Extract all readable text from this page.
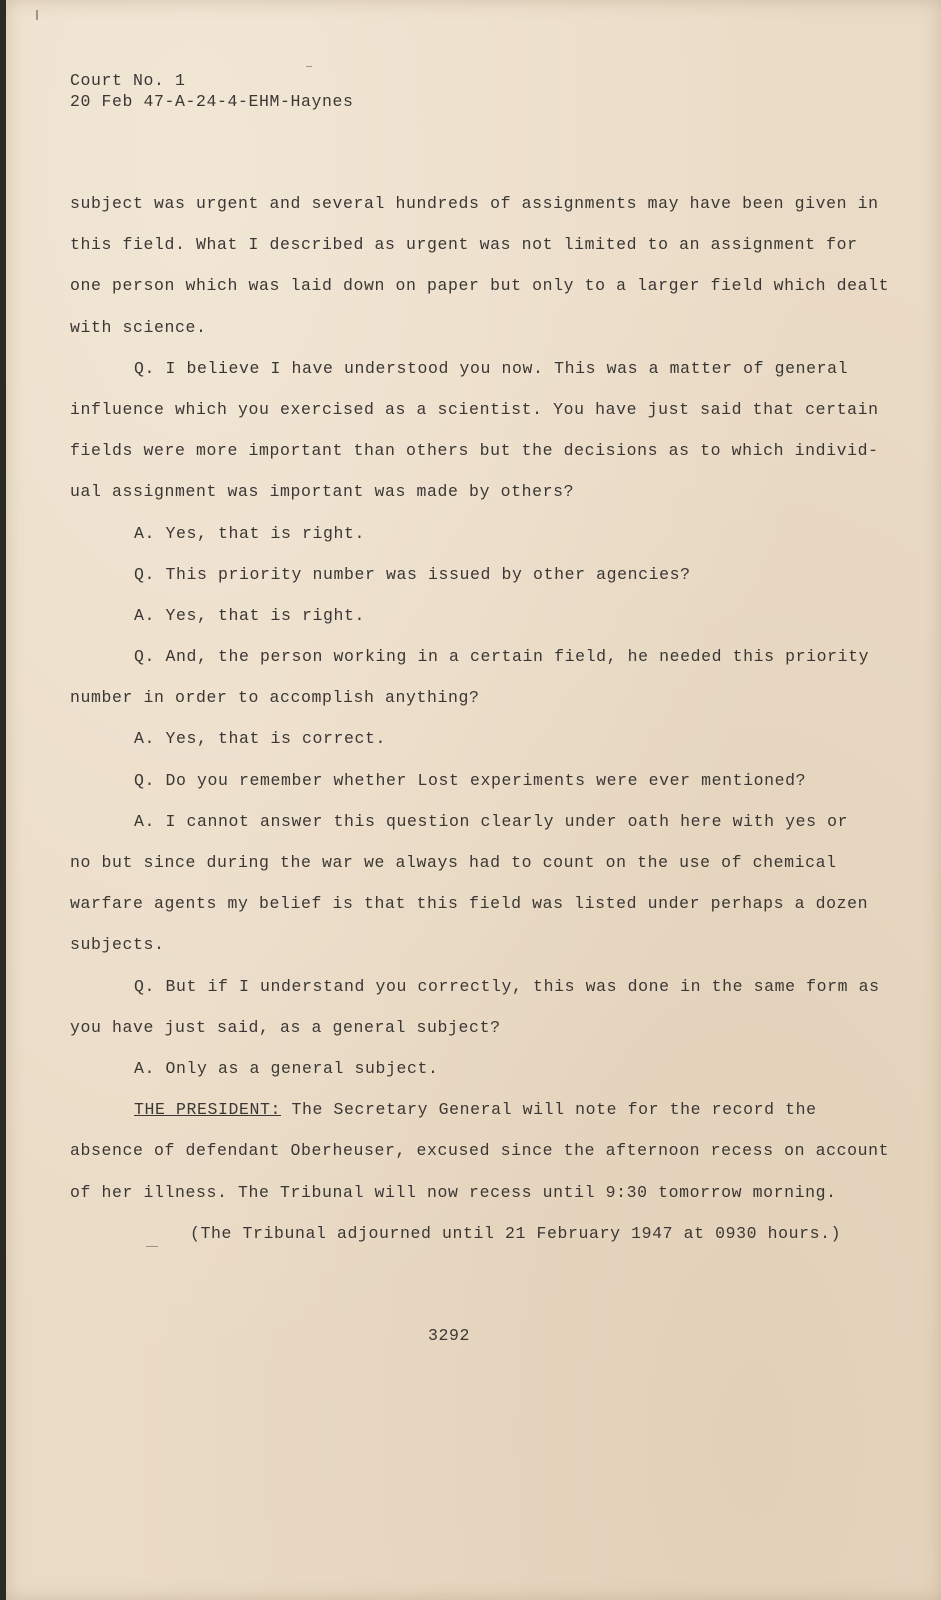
Court No. 1
20 Feb 47-A-24-4-EHM-Haynes
subject was urgent and several hundreds of assignments may have been given in
this field. What I described as urgent was not limited to an assignment for
one person which was laid down on paper but only to a larger field which dealt
with science.
Q. I believe I have understood you now. This was a matter of general
influence which you exercised as a scientist. You have just said that certain
fields were more important than others but the decisions as to which individ-
ual assignment was important was made by others?
A. Yes, that is right.
Q. This priority number was issued by other agencies?
A. Yes, that is right.
Q. And, the person working in a certain field, he needed this priority
number in order to accomplish anything?
A. Yes, that is correct.
Q. Do you remember whether Lost experiments were ever mentioned?
A. I cannot answer this question clearly under oath here with yes or
no but since during the war we always had to count on the use of chemical
warfare agents my belief is that this field was listed under perhaps a dozen
subjects.
Q. But if I understand you correctly, this was done in the same form as
you have just said, as a general subject?
A. Only as a general subject.
THE PRESIDENT: The Secretary General will note for the record the
absence of defendant Oberheuser, excused since the afternoon recess on account
of her illness. The Tribunal will now recess until 9:30 tomorrow morning.
(The Tribunal adjourned until 21 February 1947 at 0930 hours.)
3292
